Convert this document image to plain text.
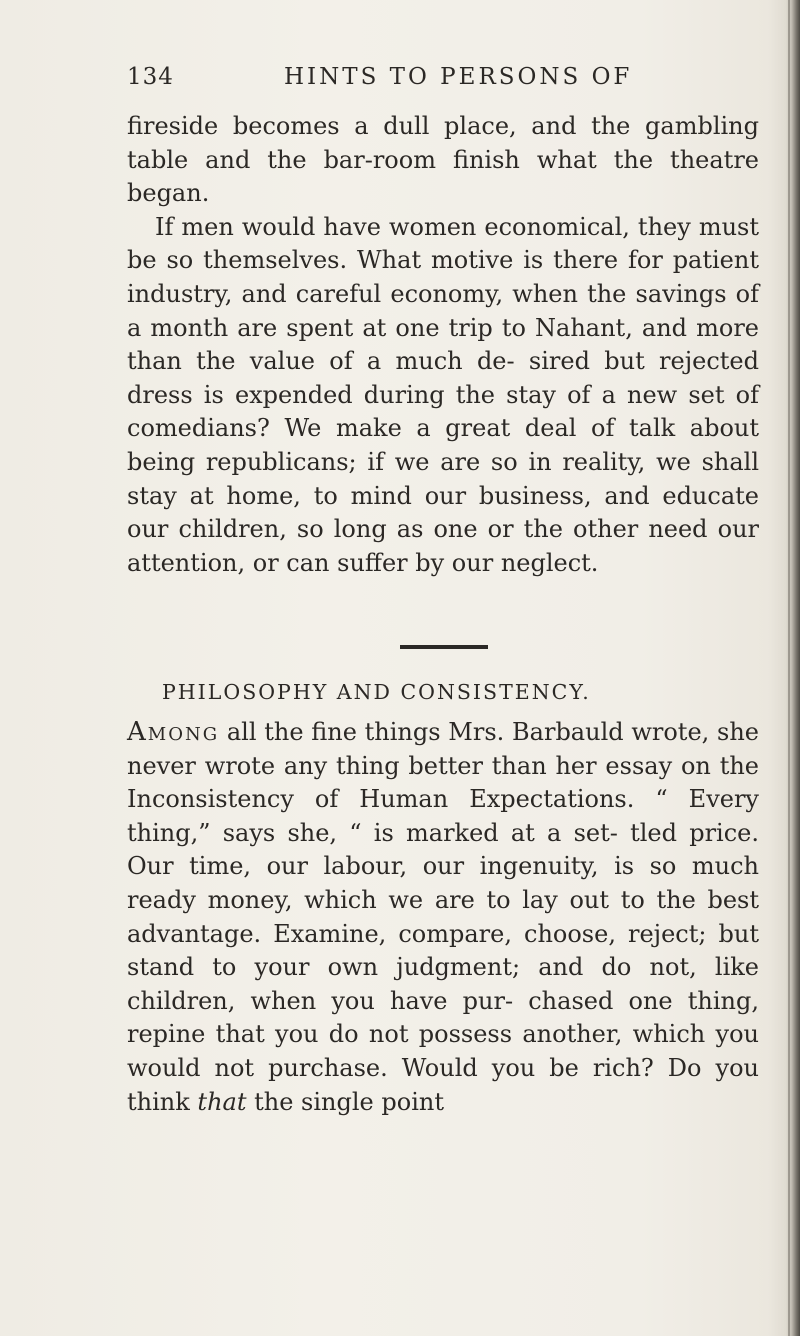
134	HINTS TO PERSONS OF

fireside becomes a dull place, and the gambling table and the bar-room finish what the theatre began.

If men would have women economical, they must be so themselves. What motive is there for patient industry, and careful economy, when the savings of a month are spent at one trip to Nahant, and more than the value of a much de- sired but rejected dress is expended during the stay of a new set of comedians? We make a great deal of talk about being republicans; if we are so in reality, we shall stay at home, to mind our business, and educate our children, so long as one or the other need our attention, or can suffer by our neglect.

PHILOSOPHY AND CONSISTENCY.

Among all the fine things Mrs. Barbauld wrote, she never wrote any thing better than her essay on the Inconsistency of Human Expectations. “ Every thing,” says she, “ is marked at a set- tled price. Our time, our labour, our ingenuity, is so much ready money, which we are to lay out to the best advantage. Examine, compare, choose, reject; but stand to your own judgment; and do not, like children, when you have pur- chased one thing, repine that you do not possess another, which you would not purchase. Would you be rich? Do you think that the single point
